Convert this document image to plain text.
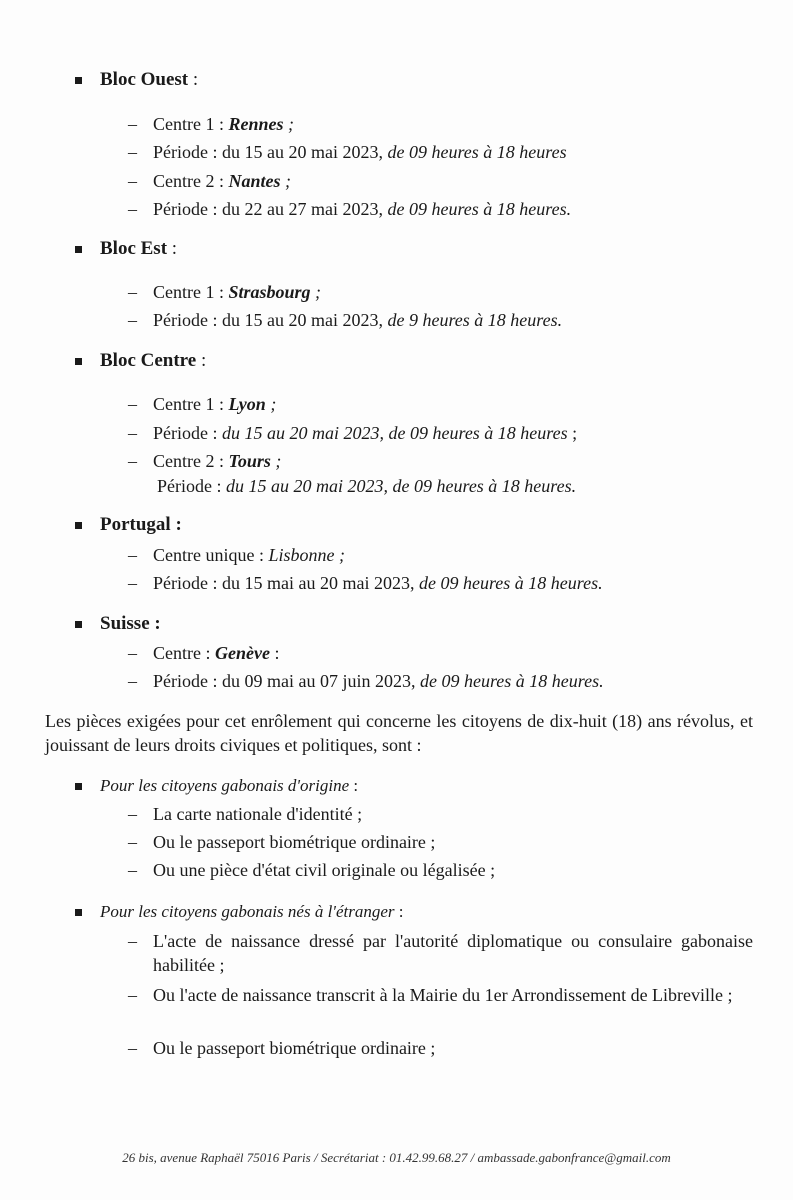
Bloc Ouest :
– Centre 1 : Rennes ;
– Période : du 15 au 20 mai 2023, de 09 heures à 18 heures
– Centre 2 : Nantes ;
– Période : du 22 au 27 mai 2023, de 09 heures à 18 heures.
Bloc Est :
– Centre 1 : Strasbourg ;
– Période : du 15 au 20 mai 2023, de 9 heures à 18 heures.
Bloc Centre :
– Centre 1 : Lyon ;
– Période : du 15 au 20 mai 2023, de 09 heures à 18 heures ;
– Centre 2 : Tours ;
Période : du 15 au 20 mai 2023, de 09 heures à 18 heures.
Portugal :
– Centre unique : Lisbonne ;
– Période : du 15 mai au 20 mai 2023, de 09 heures à 18 heures.
Suisse :
– Centre : Genève :
– Période : du 09 mai au 07 juin 2023, de 09 heures à 18 heures.
Les pièces exigées pour cet enrôlement qui concerne les citoyens de dix-huit (18) ans révolus, et jouissant de leurs droits civiques et politiques, sont :
Pour les citoyens gabonais d'origine :
– La carte nationale d'identité ;
– Ou le passeport biométrique ordinaire ;
– Ou une pièce d'état civil originale ou légalisée ;
Pour les citoyens gabonais nés à l'étranger :
– L'acte de naissance dressé par l'autorité diplomatique ou consulaire gabonaise habilitée ;
– Ou l'acte de naissance transcrit à la Mairie du 1er Arrondissement de Libreville ;
– Ou le passeport biométrique ordinaire ;
26 bis, avenue Raphaël 75016 Paris / Secrétariat : 01.42.99.68.27 / ambassade.gabonfrance@gmail.com
